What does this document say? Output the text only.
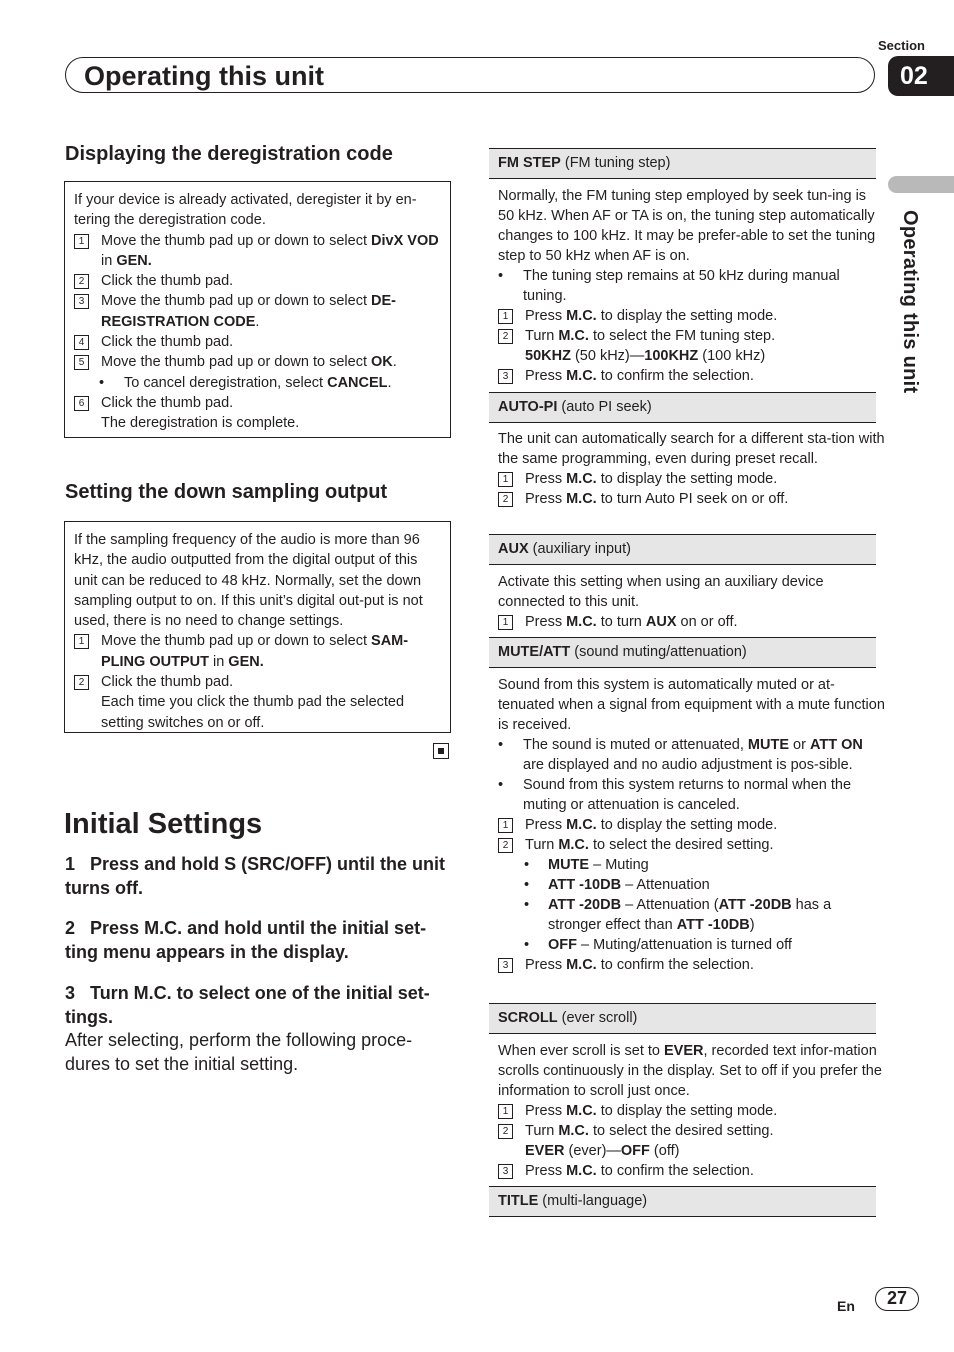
Section
02
Operating this unit
Operating this unit
Displaying the deregistration code

If your device is already activated, deregister it by en-tering the deregistration code.

1	Move the thumb pad up or down to select DivX VOD in GEN.
2	Click the thumb pad.
3	Move the thumb pad up or down to select DE-REGISTRATION CODE.
4	Click the thumb pad.
5	Move the thumb pad up or down to select OK.
•	To cancel deregistration, select CANCEL.
6	Click the thumb pad.
The deregistration is complete.
Setting the down sampling output

If the sampling frequency of the audio is more than 96 kHz, the audio outputted from the digital output of this unit can be reduced to 48 kHz. Normally, set the down sampling output to on. If this unit’s digital out-put is not used, there is no need to change settings.

1	Move the thumb pad up or down to select SAM-PLING OUTPUT in GEN.
2	Click the thumb pad.
Each time you click the thumb pad the selected setting switches on or off.
Initial Settings
1 Press and hold S (SRC/OFF) until the unit turns off.
2 Press M.C. and hold until the initial set-ting menu appears in the display.
3 Turn M.C. to select one of the initial set-tings.
After selecting, perform the following proce-dures to set the initial setting.
FM STEP (FM tuning step)

Normally, the FM tuning step employed by seek tun-ing is 50 kHz. When AF or TA is on, the tuning step automatically changes to 100 kHz. It may be prefer-able to set the tuning step to 50 kHz when AF is on.

•	The tuning step remains at 50 kHz during manual tuning.
1	Press M.C. to display the setting mode.
2	Turn M.C. to select the FM tuning step.
50KHZ (50 kHz)—100KHZ (100 kHz)
3	Press M.C. to confirm the selection.
AUTO-PI (auto PI seek)

The unit can automatically search for a different sta-tion with the same programming, even during preset recall.

1	Press M.C. to display the setting mode.
2	Press M.C. to turn Auto PI seek on or off.
AUX (auxiliary input)

Activate this setting when using an auxiliary device connected to this unit.

1	Press M.C. to turn AUX on or off.
MUTE/ATT (sound muting/attenuation)

Sound from this system is automatically muted or at-tenuated when a signal from equipment with a mute function is received.

•	The sound is muted or attenuated, MUTE or ATT ON are displayed and no audio adjustment is pos-sible.
•	Sound from this system returns to normal when the muting or attenuation is canceled.
1	Press M.C. to display the setting mode.
2	Turn M.C. to select the desired setting.
•	MUTE – Muting
•	ATT -10DB – Attenuation
•	ATT -20DB – Attenuation (ATT -20DB has a stronger effect than ATT -10DB)
•	OFF – Muting/attenuation is turned off
3	Press M.C. to confirm the selection.
SCROLL (ever scroll)

When ever scroll is set to EVER, recorded text infor-mation scrolls continuously in the display. Set to off if you prefer the information to scroll just once.

1	Press M.C. to display the setting mode.
2	Turn M.C. to select the desired setting.
EVER (ever)—OFF (off)
3	Press M.C. to confirm the selection.
TITLE (multi-language)
En	27
